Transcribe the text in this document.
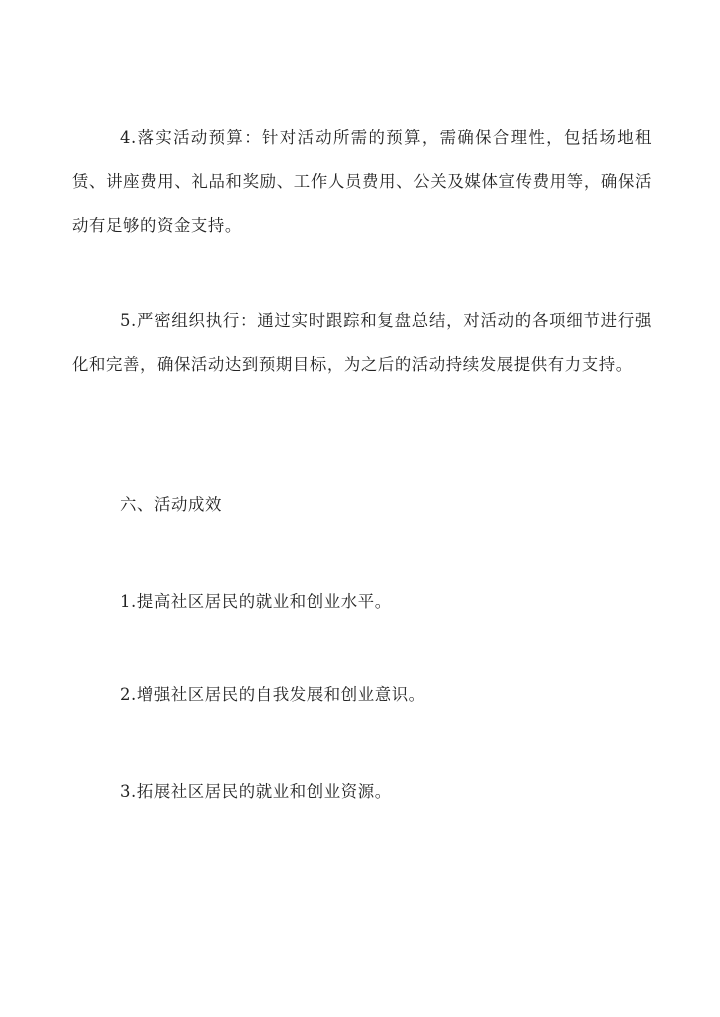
4.落实活动预算：针对活动所需的预算，需确保合理性，包括场地租赁、讲座费用、礼品和奖励、工作人员费用、公关及媒体宣传费用等，确保活动有足够的资金支持。

5.严密组织执行：通过实时跟踪和复盘总结，对活动的各项细节进行强化和完善，确保活动达到预期目标，为之后的活动持续发展提供有力支持。

六、活动成效

1.提高社区居民的就业和创业水平。

2.增强社区居民的自我发展和创业意识。

3.拓展社区居民的就业和创业资源。
